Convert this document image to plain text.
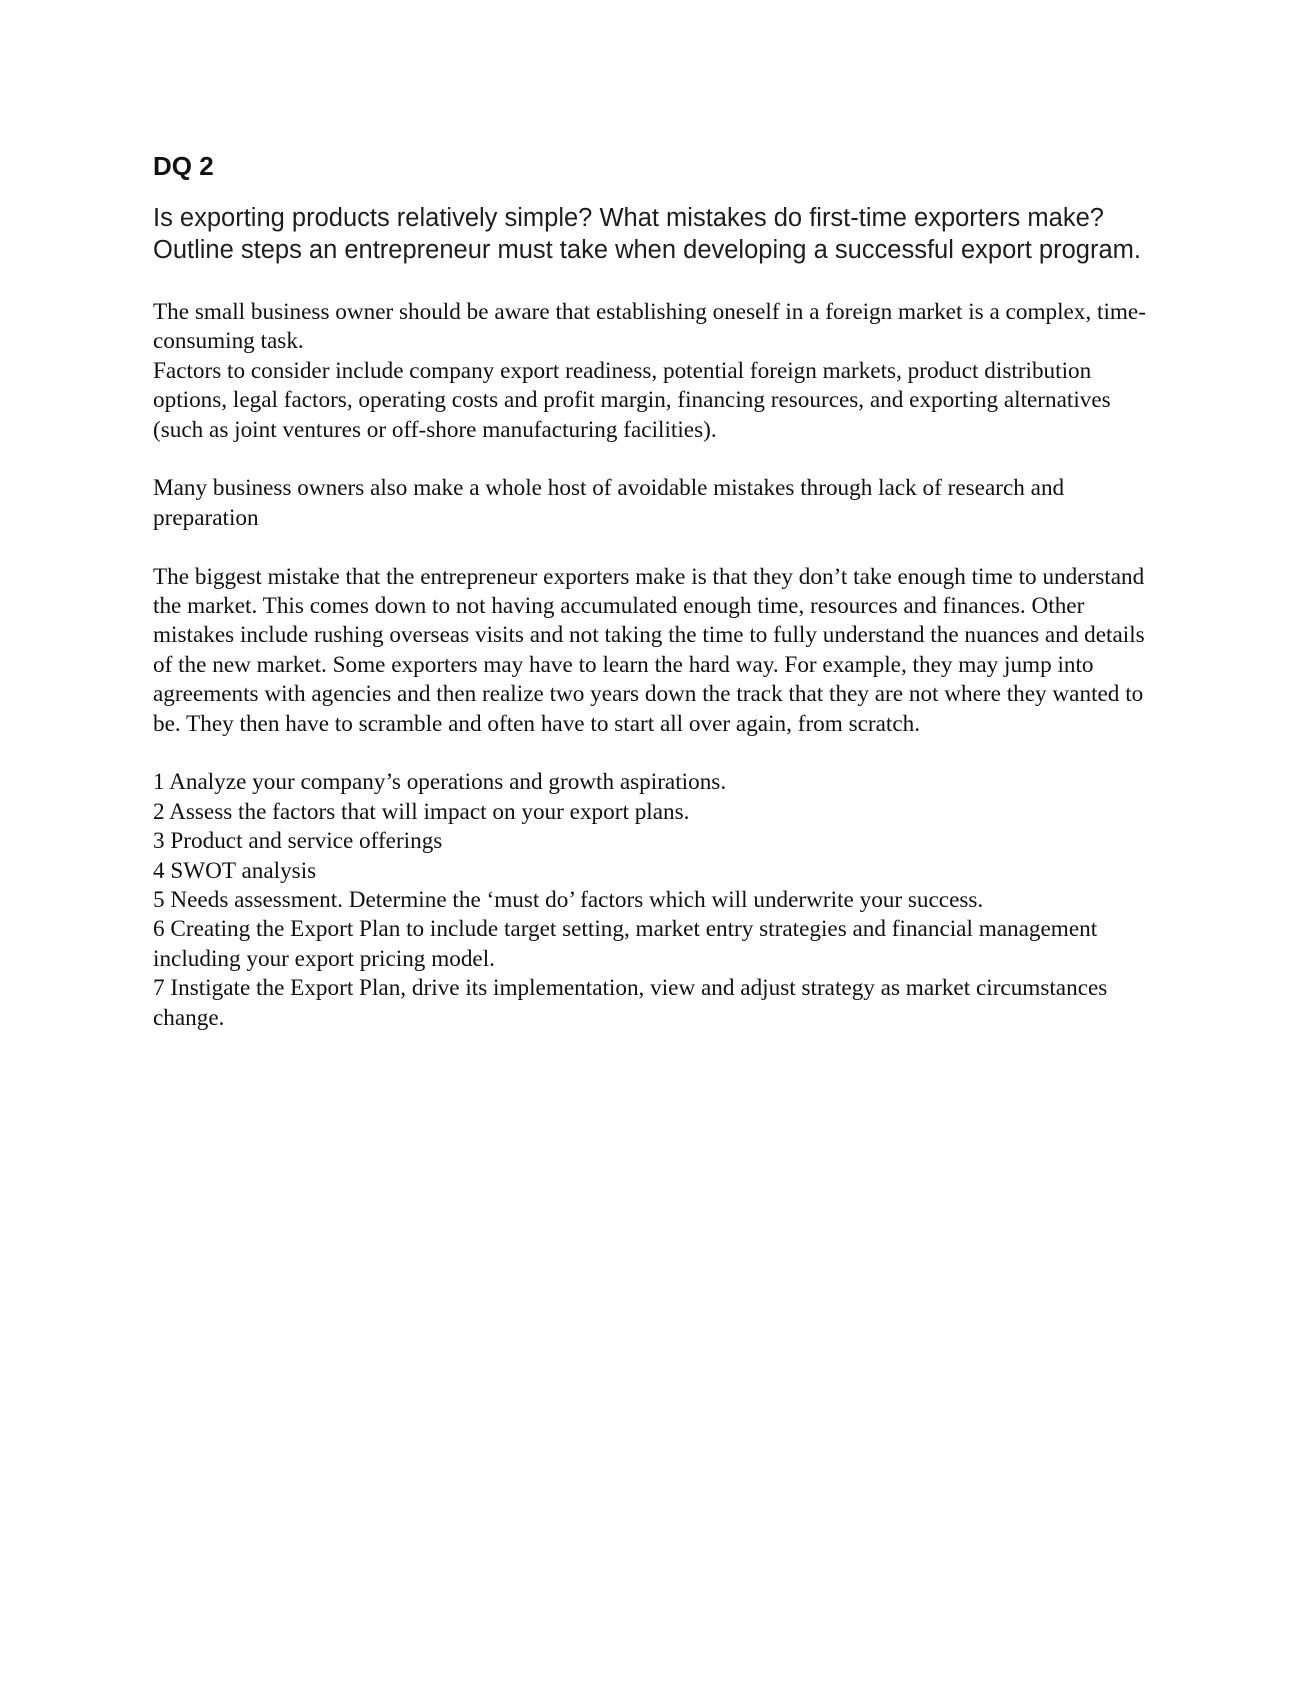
DQ 2

Is exporting products relatively simple? What mistakes do first-time exporters make? Outline steps an entrepreneur must take when developing a successful export program.

The small business owner should be aware that establishing oneself in a foreign market is a complex, time-consuming task.

Factors to consider include company export readiness, potential foreign markets, product distribution options, legal factors, operating costs and profit margin, financing resources, and exporting alternatives (such as joint ventures or off-shore manufacturing facilities).

Many business owners also make a whole host of avoidable mistakes through lack of research and preparation

The biggest mistake that the entrepreneur exporters make is that they don’t take enough time to understand the market. This comes down to not having accumulated enough time, resources and finances. Other mistakes include rushing overseas visits and not taking the time to fully understand the nuances and details of the new market. Some exporters may have to learn the hard way. For example, they may jump into agreements with agencies and then realize two years down the track that they are not where they wanted to be. They then have to scramble and often have to start all over again, from scratch.

1 Analyze your company’s operations and growth aspirations.

2 Assess the factors that will impact on your export plans.

3 Product and service offerings

4 SWOT analysis

5 Needs assessment. Determine the ‘must do’ factors which will underwrite your success.

6 Creating the Export Plan to include target setting, market entry strategies and financial management including your export pricing model.

7 Instigate the Export Plan, drive its implementation, view and adjust strategy as market circumstances change.
